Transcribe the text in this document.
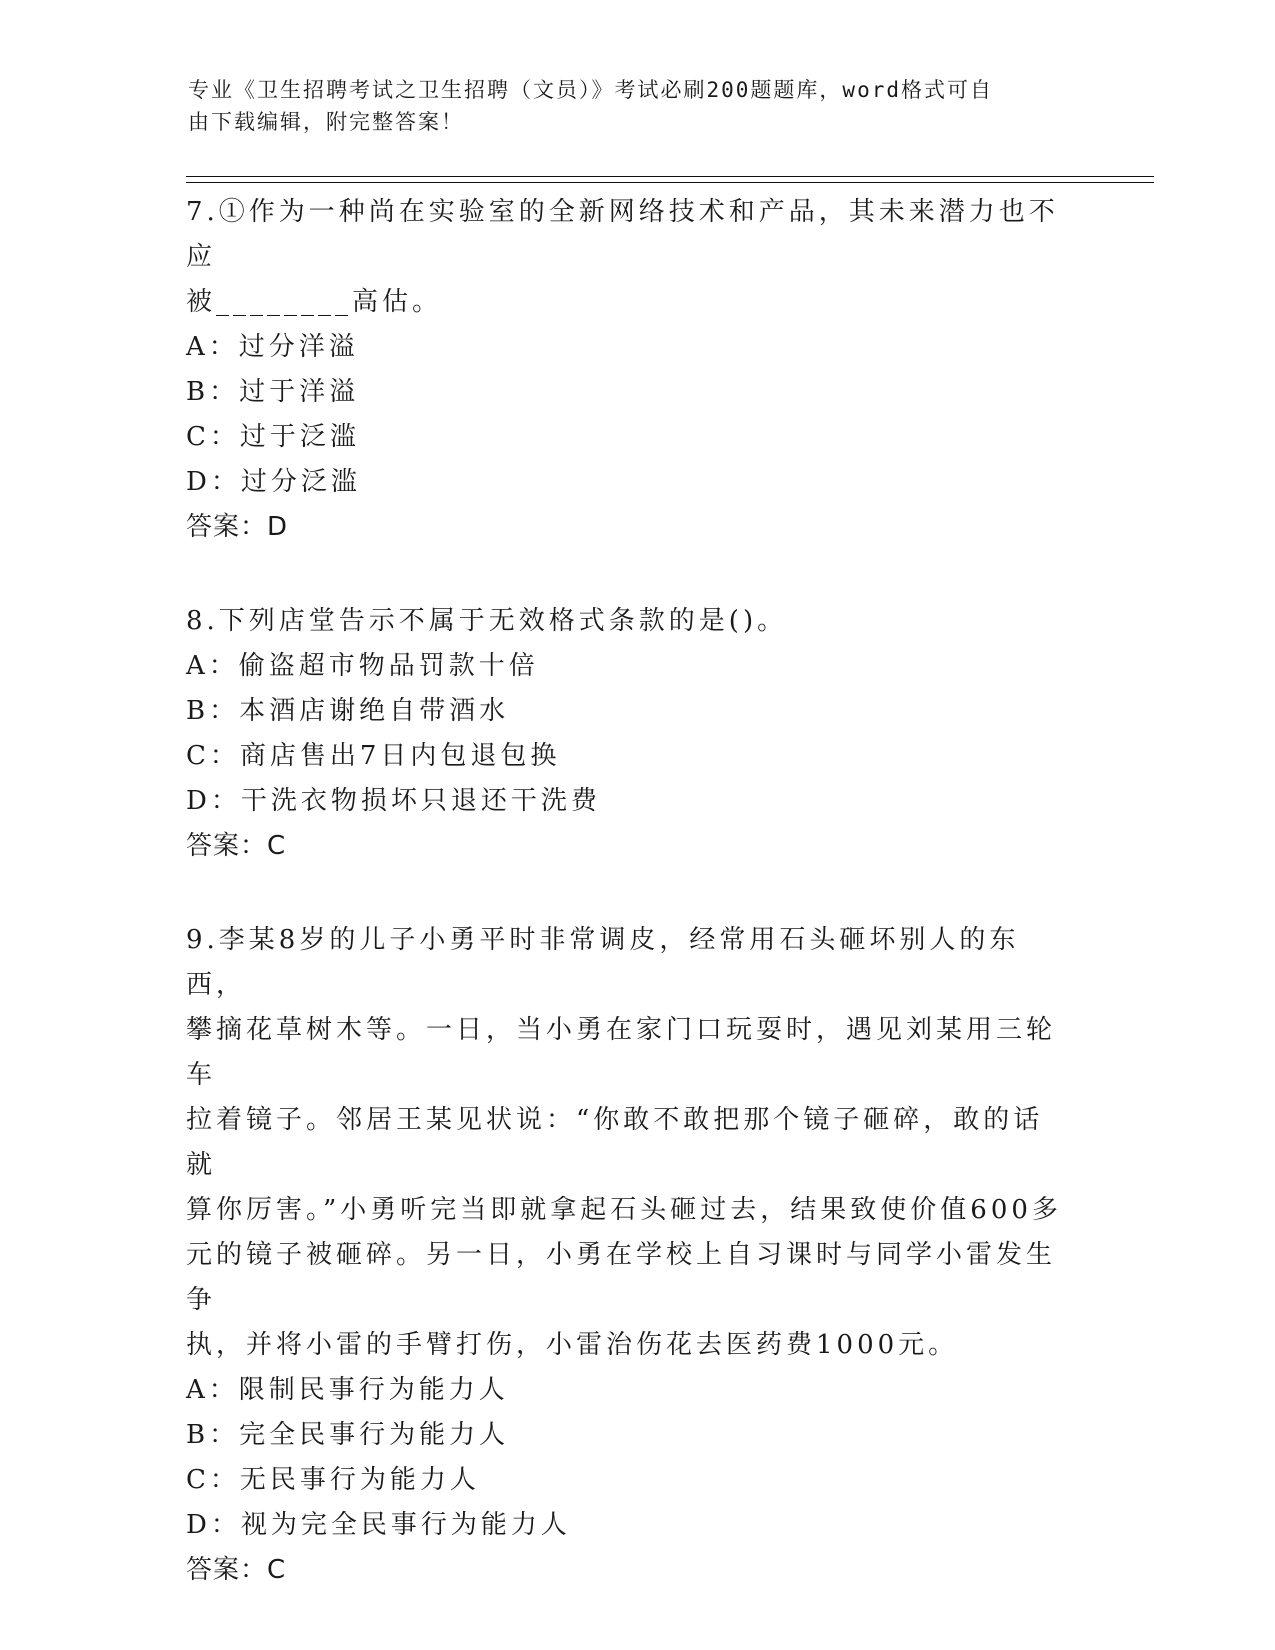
专业《卫生招聘考试之卫生招聘（文员）》考试必刷200题题库，word格式可自
由下载编辑，附完整答案！

7.①作为一种尚在实验室的全新网络技术和产品，其未来潜力也不应

被________高估。

A：过分洋溢

B：过于洋溢

C：过于泛滥

D：过分泛滥

答案：D

8.下列店堂告示不属于无效格式条款的是()。

A：偷盗超市物品罚款十倍

B：本酒店谢绝自带酒水

C：商店售出7日内包退包换

D：干洗衣物损坏只退还干洗费

答案：C

9.李某8岁的儿子小勇平时非常调皮，经常用石头砸坏别人的东西，

攀摘花草树木等。一日，当小勇在家门口玩耍时，遇见刘某用三轮车

拉着镜子。邻居王某见状说：“你敢不敢把那个镜子砸碎，敢的话就

算你厉害。”小勇听完当即就拿起石头砸过去，结果致使价值600多

元的镜子被砸碎。另一日，小勇在学校上自习课时与同学小雷发生争

执，并将小雷的手臂打伤，小雷治伤花去医药费1000元。

A：限制民事行为能力人

B：完全民事行为能力人

C：无民事行为能力人

D：视为完全民事行为能力人

答案：C
